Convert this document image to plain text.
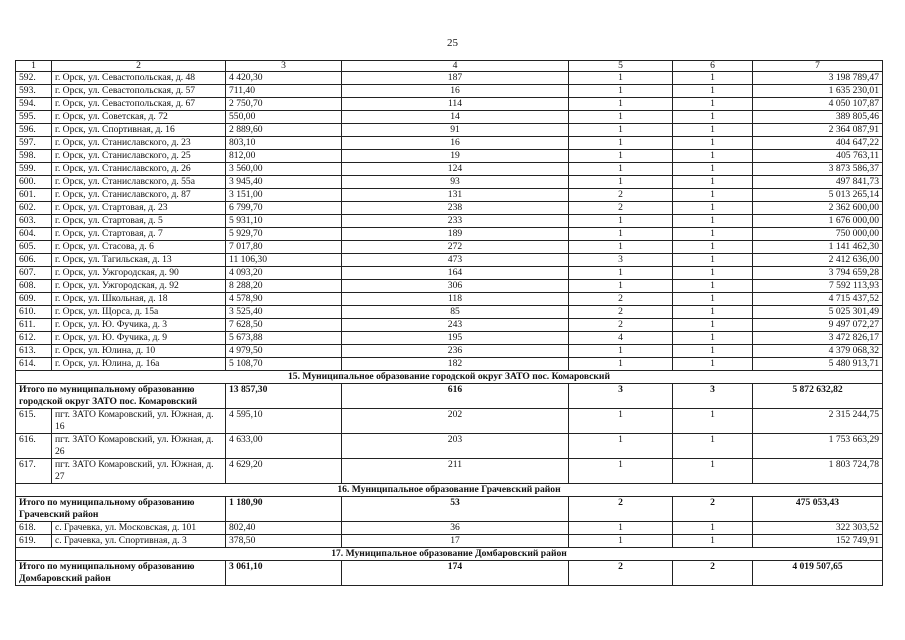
25
1	2	3	4	5	6	7
592.	г. Орск, ул. Севастопольская, д. 48	4 420,30	187	1	1	3 198 789,47
593.	г. Орск, ул. Севастопольская, д. 57	711,40	16	1	1	1 635 230,01
594.	г. Орск, ул. Севастопольская, д. 67	2 750,70	114	1	1	4 050 107,87
595.	г. Орск, ул. Советская, д. 72	550,00	14	1	1	389 805,46
596.	г. Орск, ул. Спортивная, д. 16	2 889,60	91	1	1	2 364 087,91
597.	г. Орск, ул. Станиславского, д. 23	803,10	16	1	1	404 647,22
598.	г. Орск, ул. Станиславского, д. 25	812,00	19	1	1	405 763,11
599.	г. Орск, ул. Станиславского, д. 26	3 560,00	124	1	1	3 873 586,37
600.	г. Орск, ул. Станиславского, д. 55а	3 945,40	93	1	1	497 841,73
601.	г. Орск, ул. Станиславского, д. 87	3 151,00	131	2	1	5 013 265,14
602.	г. Орск, ул. Стартовая, д. 23	6 799,70	238	2	1	2 362 600,00
603.	г. Орск, ул. Стартовая, д. 5	5 931,10	233	1	1	1 676 000,00
604.	г. Орск, ул. Стартовая, д. 7	5 929,70	189	1	1	750 000,00
605.	г. Орск, ул. Стасова, д. 6	7 017,80	272	1	1	1 141 462,30
606.	г. Орск, ул. Тагильская, д. 13	11 106,30	473	3	1	2 412 636,00
607.	г. Орск, ул. Ужгородская, д. 90	4 093,20	164	1	1	3 794 659,28
608.	г. Орск, ул. Ужгородская, д. 92	8 288,20	306	1	1	7 592 113,93
609.	г. Орск, ул. Школьная, д. 18	4 578,90	118	2	1	4 715 437,52
610.	г. Орск, ул. Щорса, д. 15а	3 525,40	85	2	1	5 025 301,49
611.	г. Орск, ул. Ю. Фучика, д. 3	7 628,50	243	2	1	9 497 072,27
612.	г. Орск, ул. Ю. Фучика, д. 9	5 673,88	195	4	1	3 472 826,17
613.	г. Орск, ул. Юлина, д. 10	4 979,50	236	1	1	4 379 068,32
614.	г. Орск, ул. Юлина, д. 16а	5 108,70	182	1	1	5 480 913,71
15. Муниципальное образование городской округ ЗАТО пос. Комаровский						
Итого по муниципальному образованию городской округ ЗАТО пос. Комаровский		13 857,30	616	3	3	5 872 632,82
615.	пгт. ЗАТО Комаровский, ул. Южная, д. 16	4 595,10	202	1	1	2 315 244,75
616.	пгт. ЗАТО Комаровский, ул. Южная, д. 26	4 633,00	203	1	1	1 753 663,29
617.	пгт. ЗАТО Комаровский, ул. Южная, д. 27	4 629,20	211	1	1	1 803 724,78
16. Муниципальное образование Грачевский район						
Итого по муниципальному образованию Грачевский район		1 180,90	53	2	2	475 053,43
618.	с. Грачевка, ул. Московская, д. 101	802,40	36	1	1	322 303,52
619.	с. Грачевка, ул. Спортивная, д. 3	378,50	17	1	1	152 749,91
17. Муниципальное образование Домбаровский район						
Итого по муниципальному образованию Домбаровский район		3 061,10	174	2	2	4 019 507,65
